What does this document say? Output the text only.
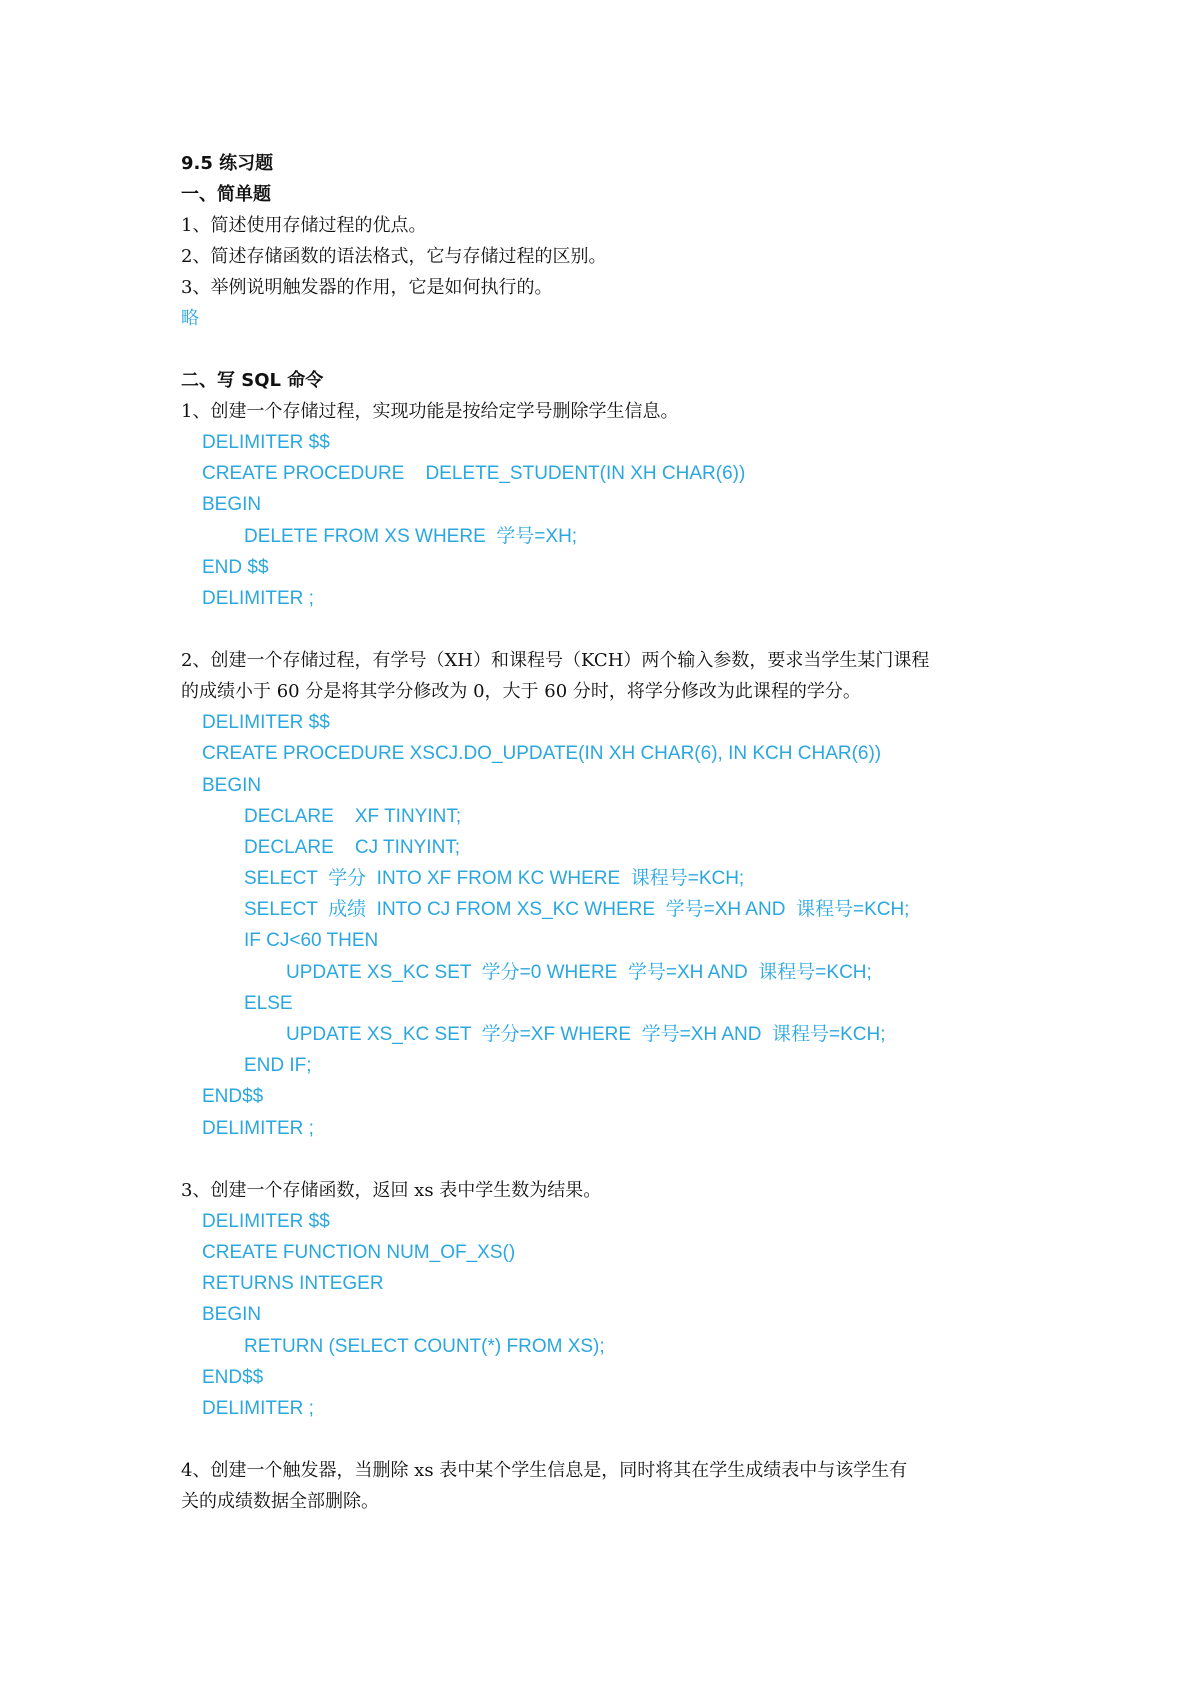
9.5 练习题
一、简单题
1、简述使用存储过程的优点。
2、简述存储函数的语法格式，它与存储过程的区别。
3、举例说明触发器的作用，它是如何执行的。
略
二、写 SQL 命令
1、创建一个存储过程，实现功能是按给定学号删除学生信息。
DELIMITER $$
CREATE PROCEDURE    DELETE_STUDENT(IN XH CHAR(6))
BEGIN
DELETE FROM XS WHERE  学号=XH;
END $$
DELIMITER ;
2、创建一个存储过程，有学号（XH）和课程号（KCH）两个输入参数，要求当学生某门课程
的成绩小于 60 分是将其学分修改为 0，大于 60 分时，将学分修改为此课程的学分。
DELIMITER $$
CREATE PROCEDURE XSCJ.DO_UPDATE(IN XH CHAR(6), IN KCH CHAR(6))
BEGIN
DECLARE    XF TINYINT;
DECLARE    CJ TINYINT;
SELECT  学分  INTO XF FROM KC WHERE  课程号=KCH;
SELECT  成绩  INTO CJ FROM XS_KC WHERE  学号=XH AND  课程号=KCH;
IF CJ<60 THEN
UPDATE XS_KC SET  学分=0 WHERE  学号=XH AND  课程号=KCH;
ELSE
UPDATE XS_KC SET  学分=XF WHERE  学号=XH AND  课程号=KCH;
END IF;
END$$
DELIMITER ;
3、创建一个存储函数，返回 xs 表中学生数为结果。
DELIMITER $$
CREATE FUNCTION NUM_OF_XS()
RETURNS INTEGER
BEGIN
RETURN (SELECT COUNT(*) FROM XS);
END$$
DELIMITER ;
4、创建一个触发器，当删除 xs 表中某个学生信息是，同时将其在学生成绩表中与该学生有
关的成绩数据全部删除。
